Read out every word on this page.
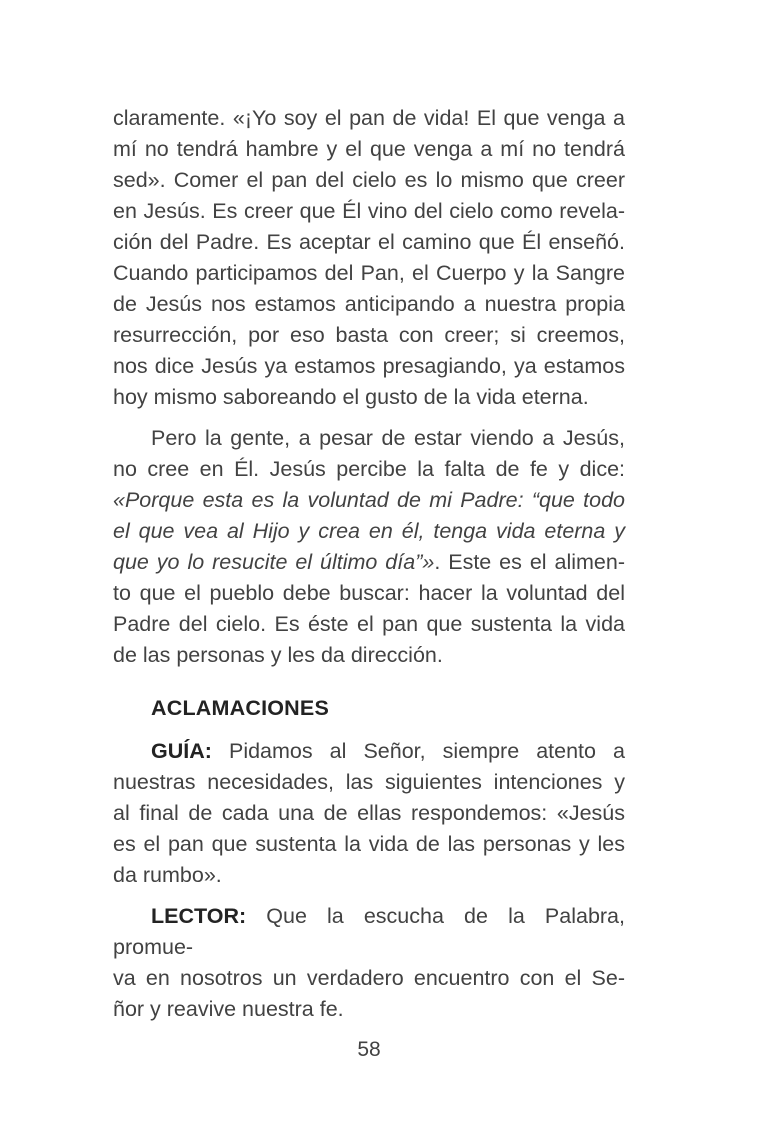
claramente. «¡Yo soy el pan de vida! El que venga a
mí no tendrá hambre y el que venga a mí no tendrá
sed». Comer el pan del cielo es lo mismo que creer
en Jesús. Es creer que Él vino del cielo como revela-
ción del Padre. Es aceptar el camino que Él enseñó.
Cuando participamos del Pan, el Cuerpo y la Sangre
de Jesús nos estamos anticipando a nuestra propia
resurrección, por eso basta con creer; si creemos,
nos dice Jesús ya estamos presagiando, ya estamos
hoy mismo saboreando el gusto de la vida eterna.
Pero la gente, a pesar de estar viendo a Jesús,
no cree en Él. Jesús percibe la falta de fe y dice:
«Porque esta es la voluntad de mi Padre: “que todo
el que vea al Hijo y crea en él, tenga vida eterna y
que yo lo resucite el último día”». Este es el alimen-
to que el pueblo debe buscar: hacer la voluntad del
Padre del cielo. Es éste el pan que sustenta la vida
de las personas y les da dirección.
ACLAMACIONES
GUÍA: Pidamos al Señor, siempre atento a
nuestras necesidades, las siguientes intenciones y
al final de cada una de ellas respondemos: «Jesús
es el pan que sustenta la vida de las personas y les
da rumbo».
LECTOR: Que la escucha de la Palabra, promue-
va en nosotros un verdadero encuentro con el Se-
ñor y reavive nuestra fe.
58
